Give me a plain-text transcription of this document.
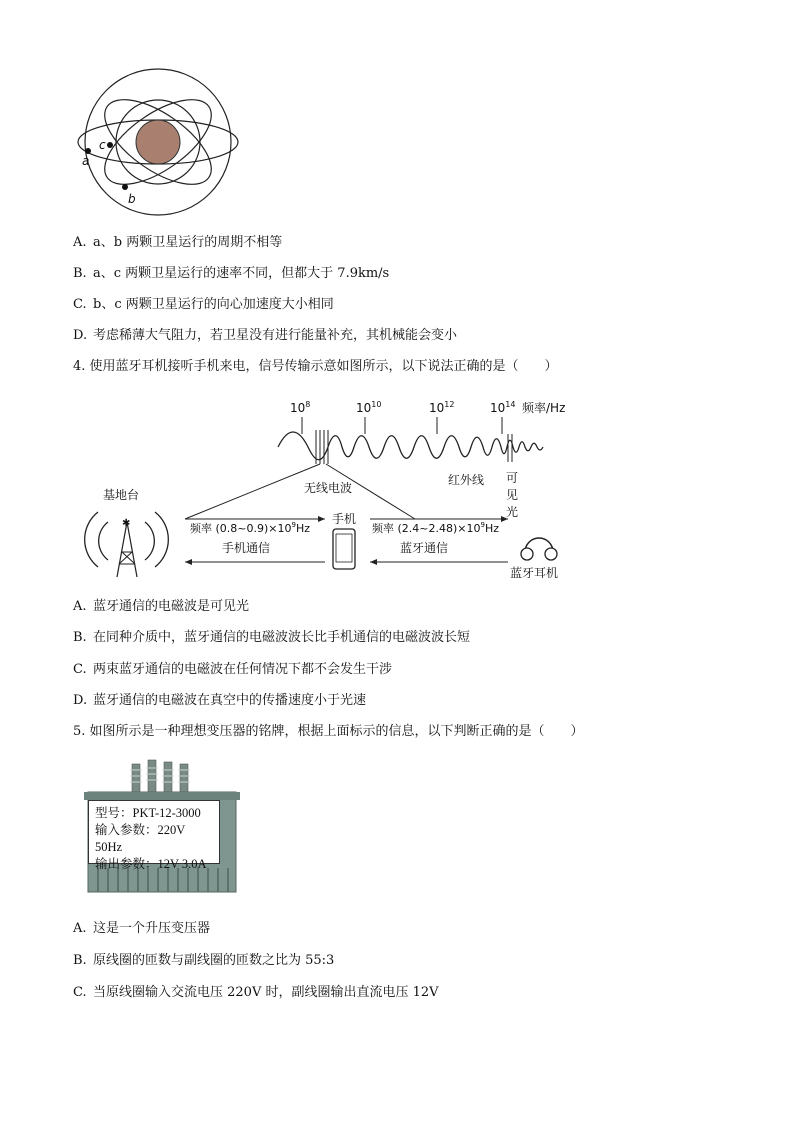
a
c
b
A. a、b 两颗卫星运行的周期不相等
B. a、c 两颗卫星运行的速率不同，但都大于 7.9km/s
C. b、c 两颗卫星运行的向心加速度大小相同
D. 考虑稀薄大气阻力，若卫星没有进行能量补充，其机械能会变小
4. 使用蓝牙耳机接听手机来电，信号传输示意如图所示，以下说法正确的是（　　）
$10^8$	$10^{10}$	$10^{12}$	$10^{14}$ 频率/Hz
红外线 可
见
光
无线电波
基地台
✱	频率 $(0.8\sim 0.9)\times 10^9Hz$
手机通信
手机
频率 $(2.4\sim 2.48)\times 10^9Hz$
蓝牙通信
蓝牙耳机
A. 蓝牙通信的电磁波是可见光
B. 在同种介质中，蓝牙通信的电磁波波长比手机通信的电磁波波长短
C. 两束蓝牙通信的电磁波在任何情况下都不会发生干涉
D. 蓝牙通信的电磁波在真空中的传播速度小于光速
5. 如图所示是一种理想变压器的铭牌，根据上面标示的信息，以下判断正确的是（　　）
型号：PKT-12-3000
输入参数：220V 50Hz
输出参数：12V 3.0A
A. 这是一个升压变压器
B. 原线圈的匝数与副线圈的匝数之比为 55:3
C. 当原线圈输入交流电压 220V 时，副线圈输出直流电压 12V
